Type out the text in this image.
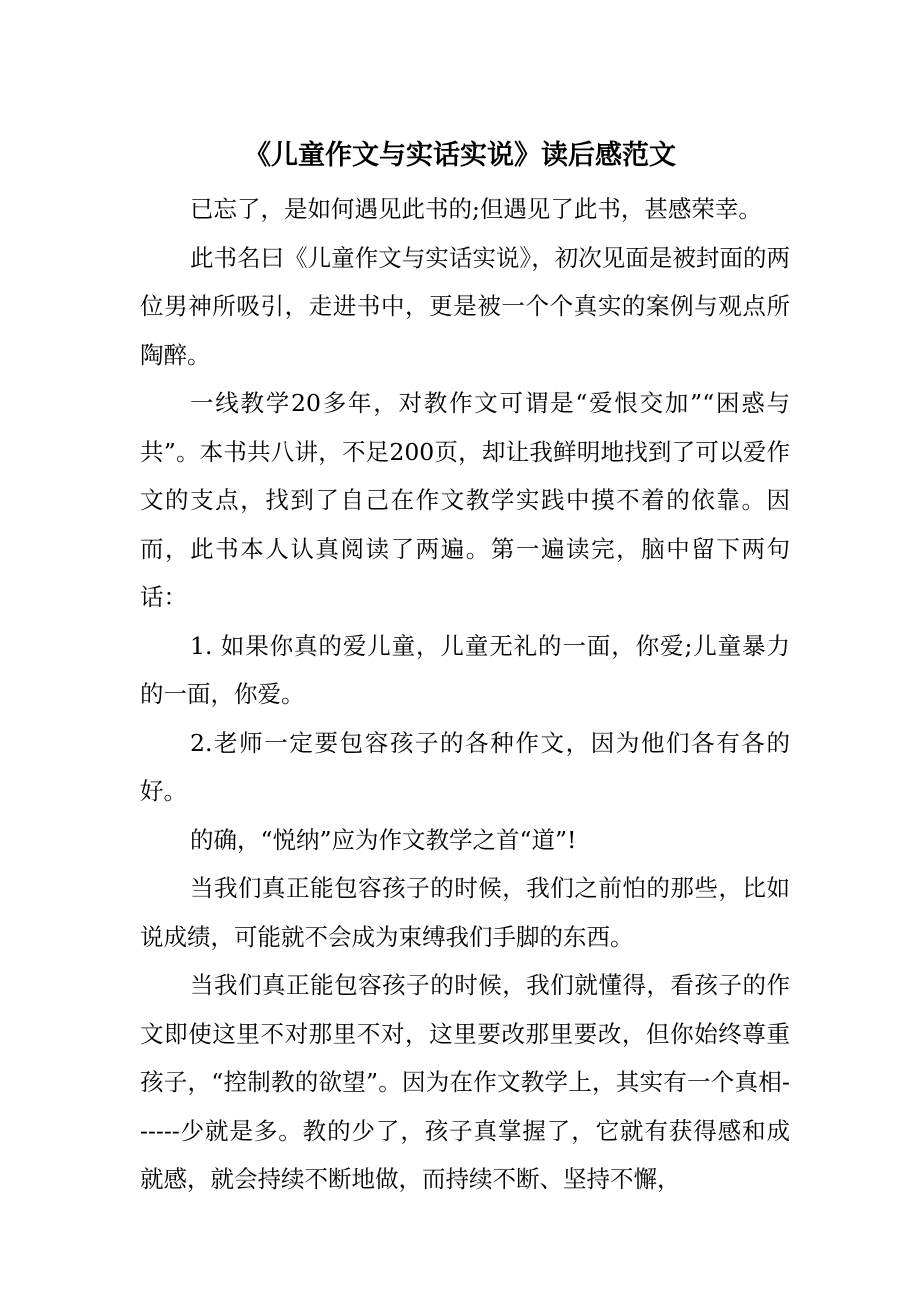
《儿童作文与实话实说》读后感范文

已忘了，是如何遇见此书的;但遇见了此书，甚感荣幸。

此书名曰《儿童作文与实话实说》，初次见面是被封面的两位男神所吸引，走进书中，更是被一个个真实的案例与观点所陶醉。

一线教学20多年，对教作文可谓是“爱恨交加”“困惑与共”。本书共八讲，不足200页，却让我鲜明地找到了可以爱作文的支点，找到了自己在作文教学实践中摸不着的依靠。因而，此书本人认真阅读了两遍。第一遍读完，脑中留下两句话：

1. 如果你真的爱儿童，儿童无礼的一面，你爱;儿童暴力的一面，你爱。

2.老师一定要包容孩子的各种作文，因为他们各有各的好。

的确，“悦纳”应为作文教学之首“道”!

当我们真正能包容孩子的时候，我们之前怕的那些，比如说成绩，可能就不会成为束缚我们手脚的东西。

当我们真正能包容孩子的时候，我们就懂得，看孩子的作文即使这里不对那里不对，这里要改那里要改，但你始终尊重孩子，“控制教的欲望”。因为在作文教学上，其实有一个真相------少就是多。教的少了，孩子真掌握了，它就有获得感和成就感，就会持续不断地做，而持续不断、坚持不懈，
